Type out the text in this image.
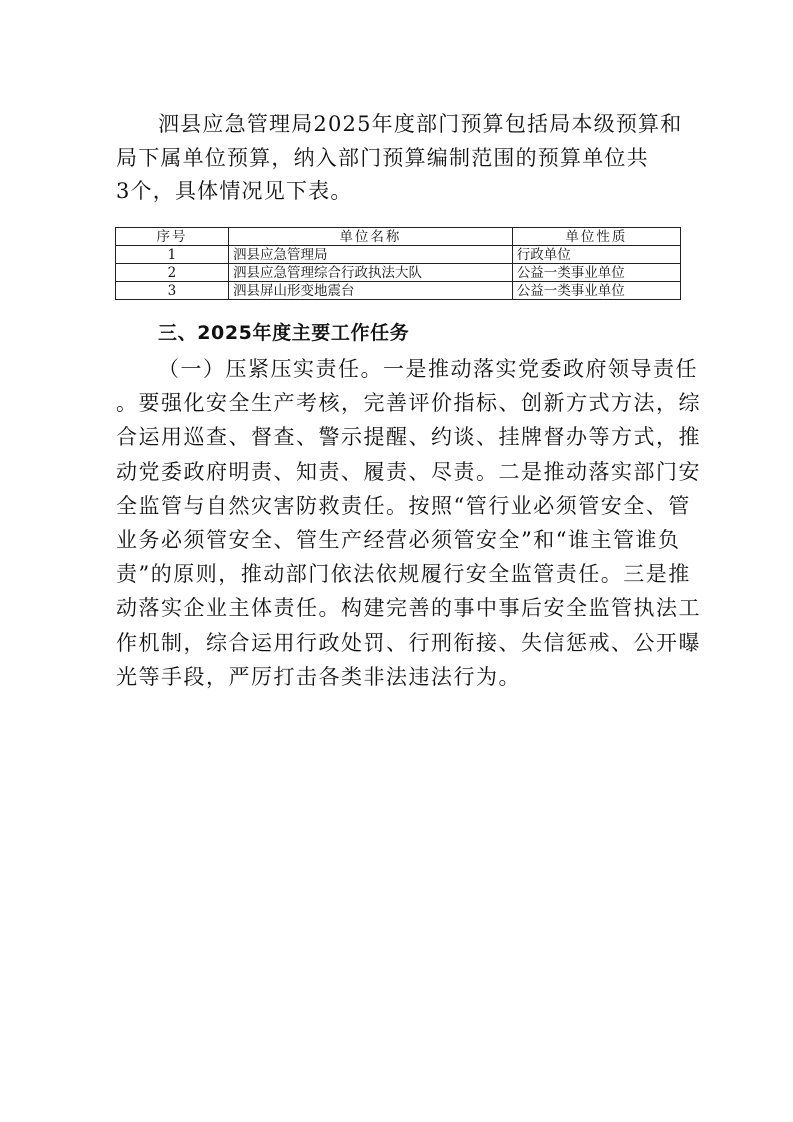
泗县应急管理局2025年度部门预算包括局本级预算和
局下属单位预算，纳入部门预算编制范围的预算单位共
3个，具体情况见下表。

序号	单位名称	单位性质
1	泗县应急管理局	行政单位
2	泗县应急管理综合行政执法大队	公益一类事业单位
3	泗县屏山形变地震台	公益一类事业单位
三、2025年度主要工作任务

（一）压紧压实责任。一是推动落实党委政府领导责任
。要强化安全生产考核，完善评价指标、创新方式方法，综
合运用巡查、督查、警示提醒、约谈、挂牌督办等方式，推
动党委政府明责、知责、履责、尽责。二是推动落实部门安
全监管与自然灾害防救责任。按照“管行业必须管安全、管
业务必须管安全、管生产经营必须管安全”和“谁主管谁负
责”的原则，推动部门依法依规履行安全监管责任。三是推
动落实企业主体责任。构建完善的事中事后安全监管执法工
作机制，综合运用行政处罚、行刑衔接、失信惩戒、公开曝
光等手段，严厉打击各类非法违法行为。
